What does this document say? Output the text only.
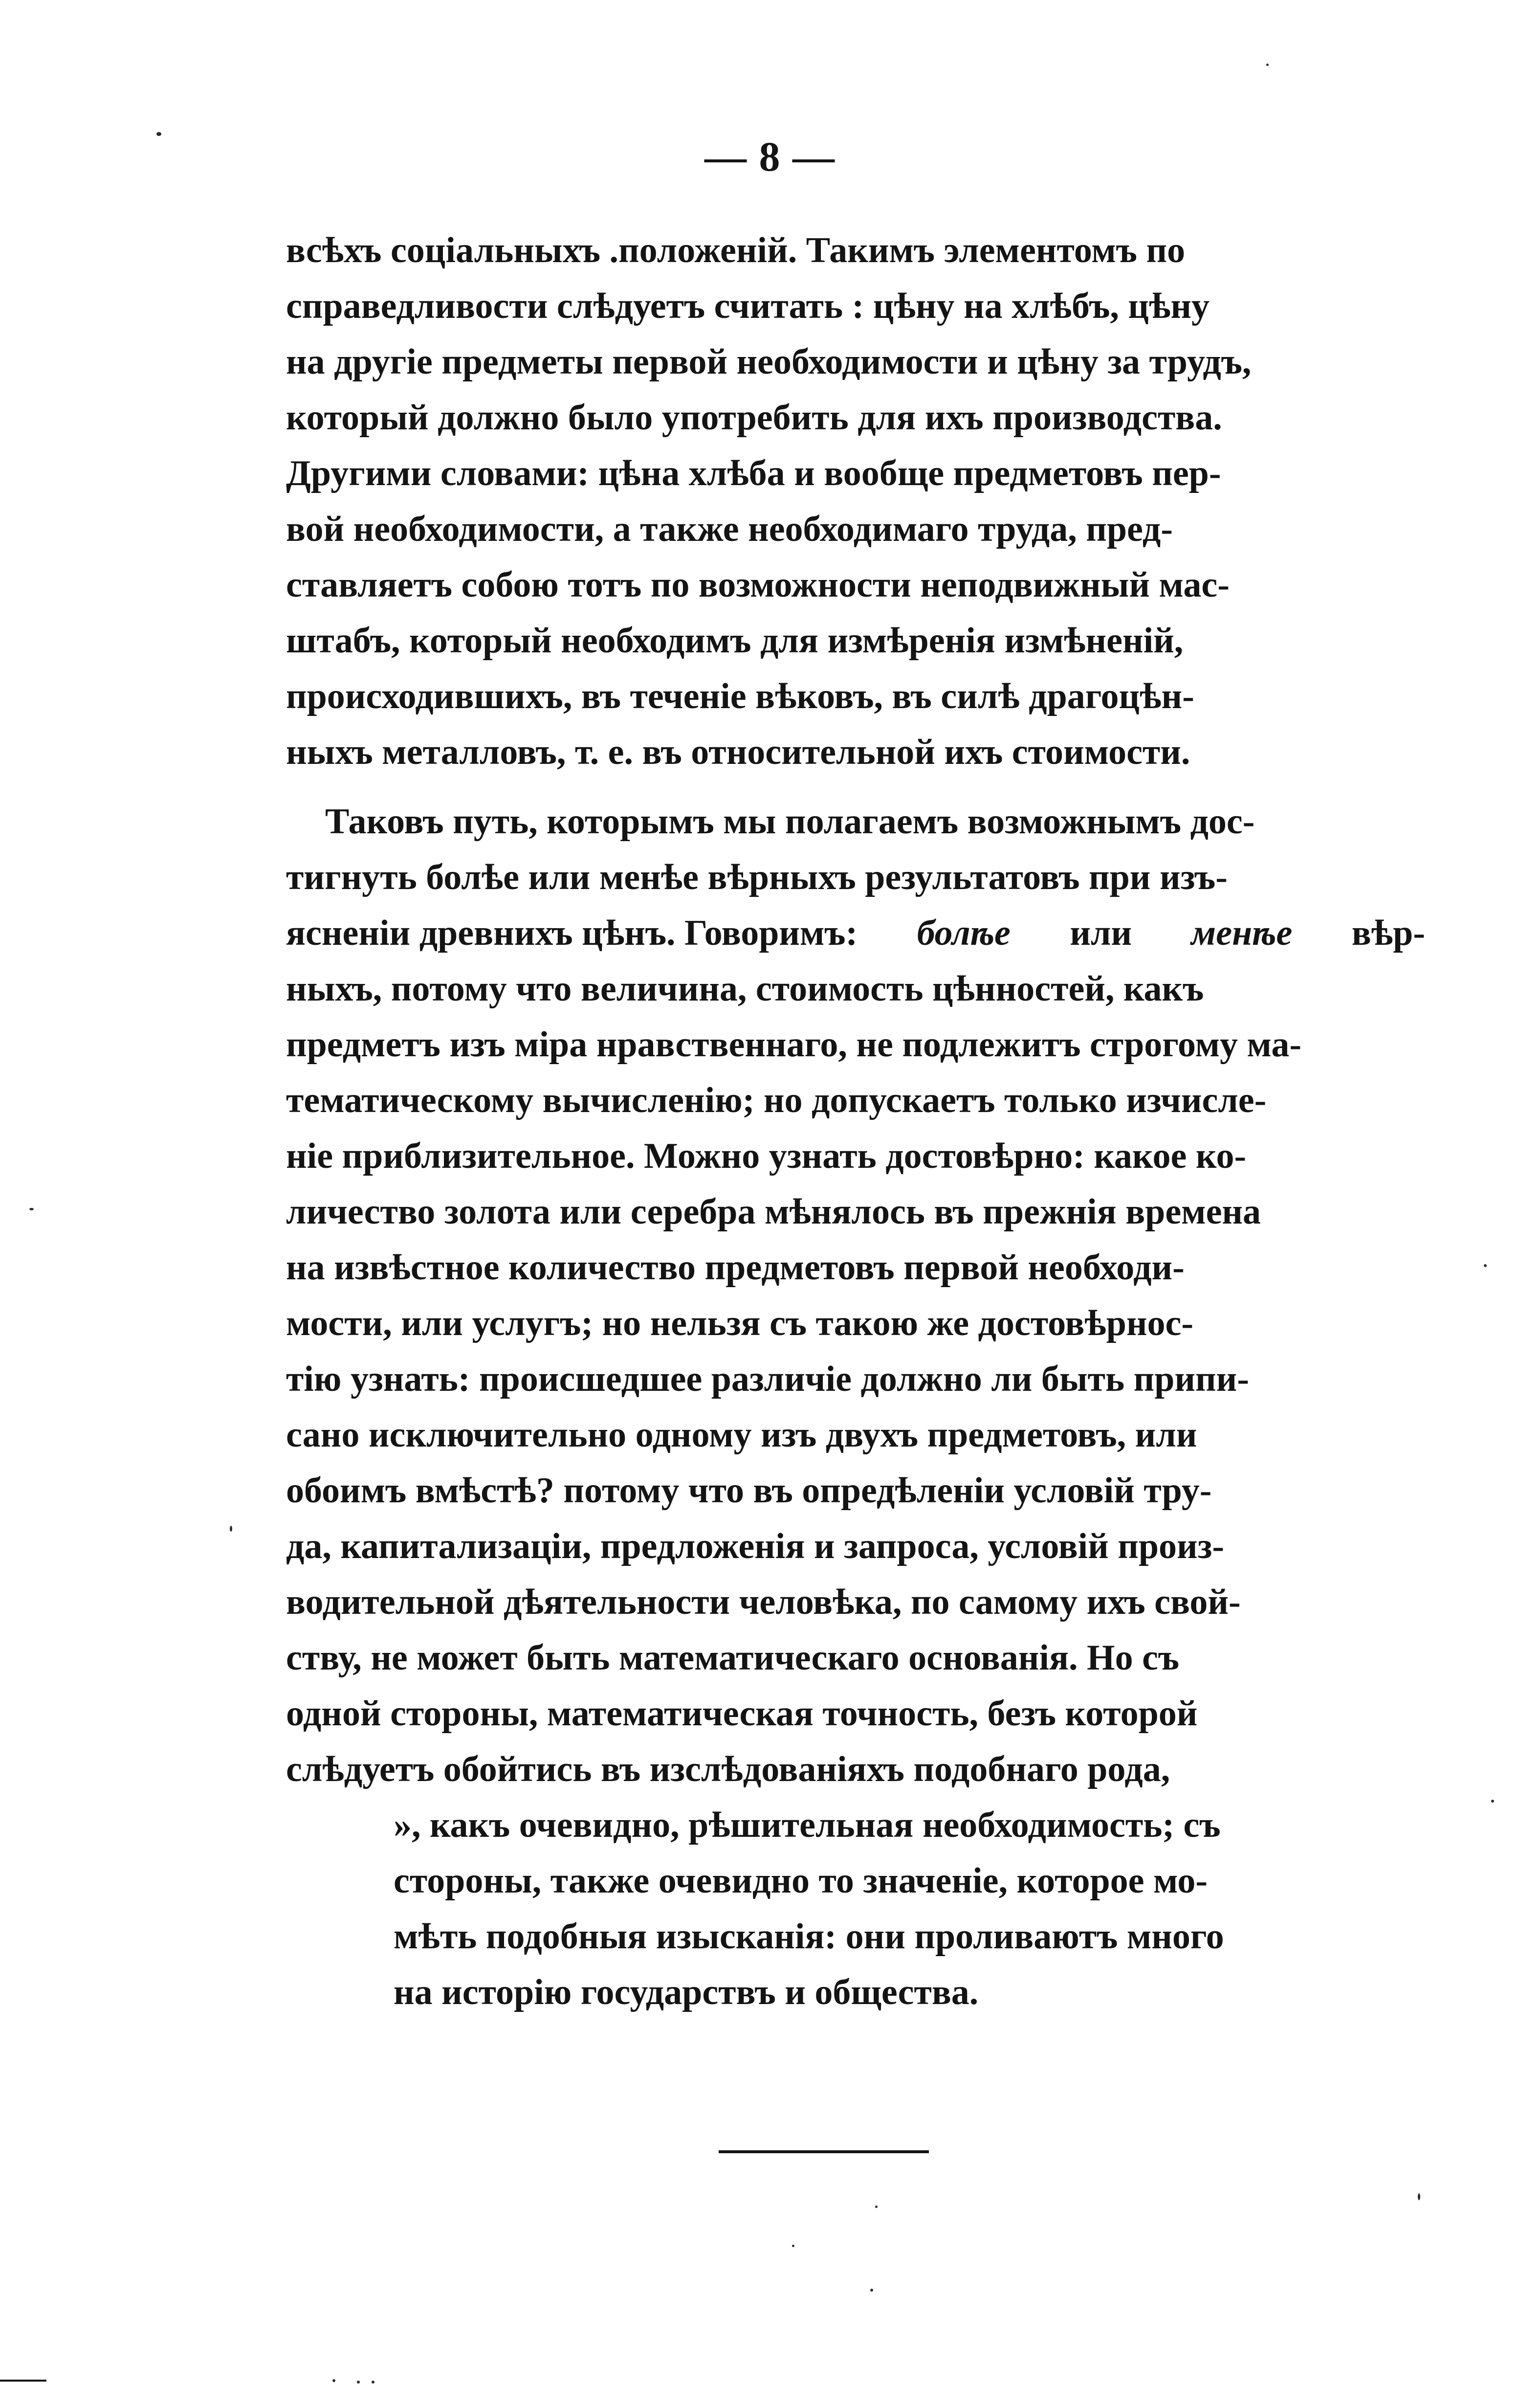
— 8 —
всѣхъ соціальныхъ .положеній. Такимъ элементомъ по
справедливости слѣдуетъ считать : цѣну на хлѣбъ, цѣну
на другіе предметы первой необходимости и цѣну за трудъ,
который должно было употребить для ихъ производства.
Другими словами: цѣна хлѣба и вообще предметовъ пер-
вой необходимости, а также необходимаго труда, пред-
ставляетъ собою тотъ по возможности неподвижный мас-
штабъ, который необходимъ для измѣренія измѣненій,
происходившихъ, въ теченіе вѣковъ, въ силѣ драгоцѣн-
ныхъ металловъ, т. е. въ относительной ихъ стоимости.
Таковъ путь, которымъ мы полагаемъ возможнымъ дос-
тигнуть болѣе или менѣе вѣрныхъ результатовъ при изъ-
ясненіи древнихъ цѣнъ. Говоримъ: болѣе или менѣе вѣр-
ныхъ, потому что величина, стоимость цѣнностей, какъ
предметъ изъ міра нравственнаго, не подлежитъ строгому ма-
тематическому вычисленію; но допускаетъ только изчисле-
ніе приблизительное. Можно узнать достовѣрно: какое ко-
личество золота или серебра мѣнялось въ прежнія времена
на извѣстное количество предметовъ первой необходи-
мости, или услугъ; но нельзя съ такою же достовѣрнос-
тію узнать: происшедшее различіе должно ли быть припи-
сано исключительно одному изъ двухъ предметовъ, или
обоимъ вмѣстѣ? потому что въ опредѣленіи условій тру-
да, капитализаціи, предложенія и запроса, условій произ-
водительной дѣятельности человѣка, по самому ихъ свой-
ству, не может быть математическаго основанія. Но съ
одной стороны, математическая точность, безъ которой
слѣдуетъ обойтись въ изслѣдованіяхъ подобнаго рода,
», какъ очевидно, рѣшительная необходимость; съ
стороны, также очевидно то значеніе, которое мо-
мѣть подобныя изысканія: они проливаютъ много
на исторію государствъ и общества.
